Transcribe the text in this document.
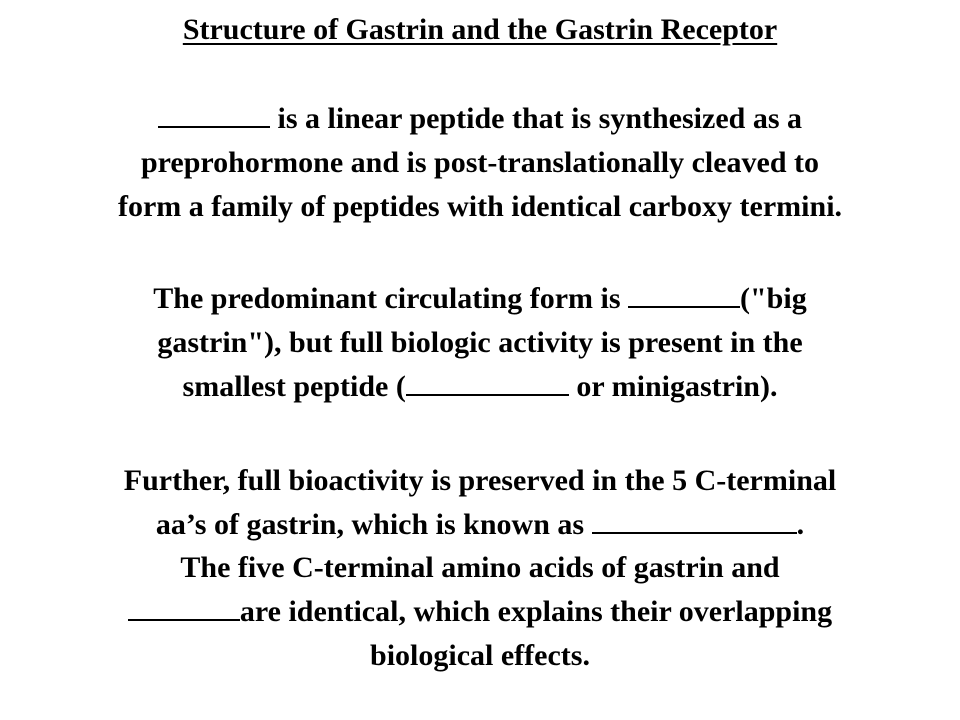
Structure of Gastrin and the Gastrin Receptor
is a linear peptide that is synthesized as a
preprohormone and is post-translationally cleaved to
form a family of peptides with identical carboxy termini.
The predominant circulating form is	("big
gastrin"), but full biologic activity is present in the
smallest peptide (	or minigastrin).
Further, full bioactivity is preserved in the 5 C-terminal
aa’s of gastrin, which is known as	.
The five C-terminal amino acids of gastrin and
are identical, which explains their overlapping
biological effects.
